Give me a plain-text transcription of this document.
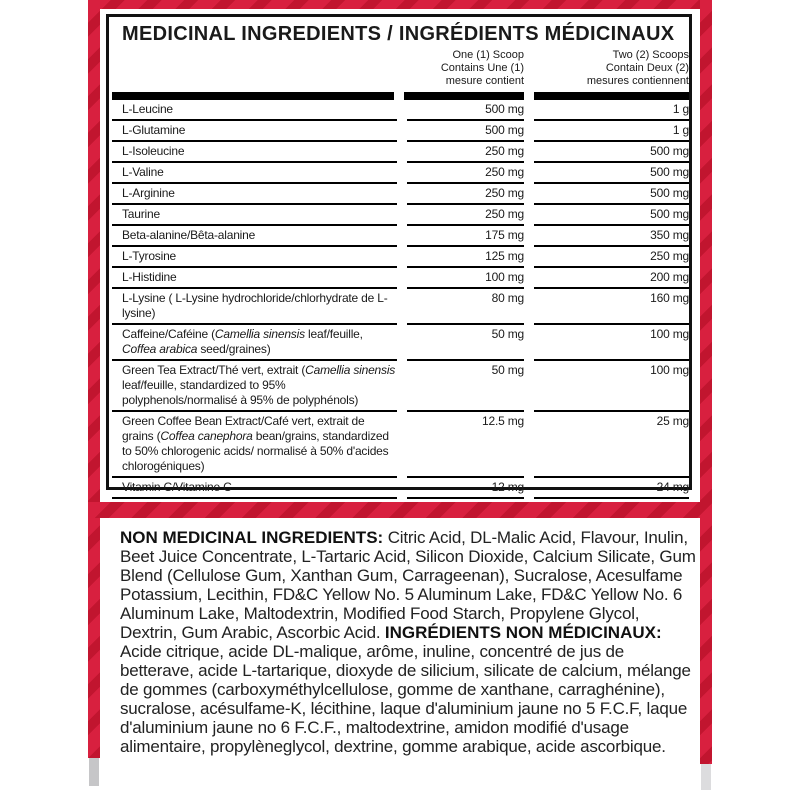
MEDICINAL INGREDIENTS / INGRÉDIENTS MÉDICINAUX
One (1) Scoop
Contains Une (1)
mesure contient
Two (2) Scoops
Contain Deux (2)
mesures contiennent
L-Leucine	500 mg	1 g
L-Glutamine	500 mg	1 g
L-Isoleucine	250 mg	500 mg
L-Valine	250 mg	500 mg
L-Arginine	250 mg	500 mg
Taurine	250 mg	500 mg
Beta-alanine/Bêta-alanine	175 mg	350 mg
L-Tyrosine	125 mg	250 mg
L-Histidine	100 mg	200 mg
L-Lysine ( L-Lysine hydrochloride/chlorhydrate de L-lysine)
80 mg	160 mg
Caffeine/Caféine (Camellia sinensis leaf/feuille, Coffea arabica seed/graines)
50 mg	100 mg
Green Tea Extract/Thé vert, extrait (Camellia sinensis leaf/feuille, standardized to 95% polyphenols/normalisé à 95% de polyphénols)
50 mg	100 mg
Green Coffee Bean Extract/Café vert, extrait de grains (Coffea canephora bean/grains, standardized to 50% chlorogenic acids/ normalisé à 50% d'acides chlorogéniques)
12.5 mg	25 mg
Vitamin C/Vitamine C	12 mg	24 mg
NON MEDICINAL INGREDIENTS: Citric Acid, DL-Malic Acid, Flavour, Inulin, Beet Juice Concentrate, L-Tartaric Acid, Silicon Dioxide, Calcium Silicate, Gum Blend (Cellulose Gum, Xanthan Gum, Carrageenan), Sucralose, Acesulfame Potassium, Lecithin, FD&C Yellow No. 5 Aluminum Lake, FD&C Yellow No. 6 Aluminum Lake, Maltodextrin, Modified Food Starch, Propylene Glycol, Dextrin, Gum Arabic, Ascorbic Acid. INGRÉDIENTS NON MÉDICINAUX: Acide citrique, acide DL-malique, arôme, inuline, concentré de jus de betterave, acide L-tartarique, dioxyde de silicium, silicate de calcium, mélange de gommes (carboxyméthylcellulose, gomme de xanthane, carraghénine), sucralose, acésulfame-K, lécithine, laque d'aluminium jaune no 5 F.C.F, laque d'aluminium jaune no 6 F.C.F., maltodextrine, amidon modifié d'usage alimentaire, propylèneglycol, dextrine, gomme arabique, acide ascorbique.
